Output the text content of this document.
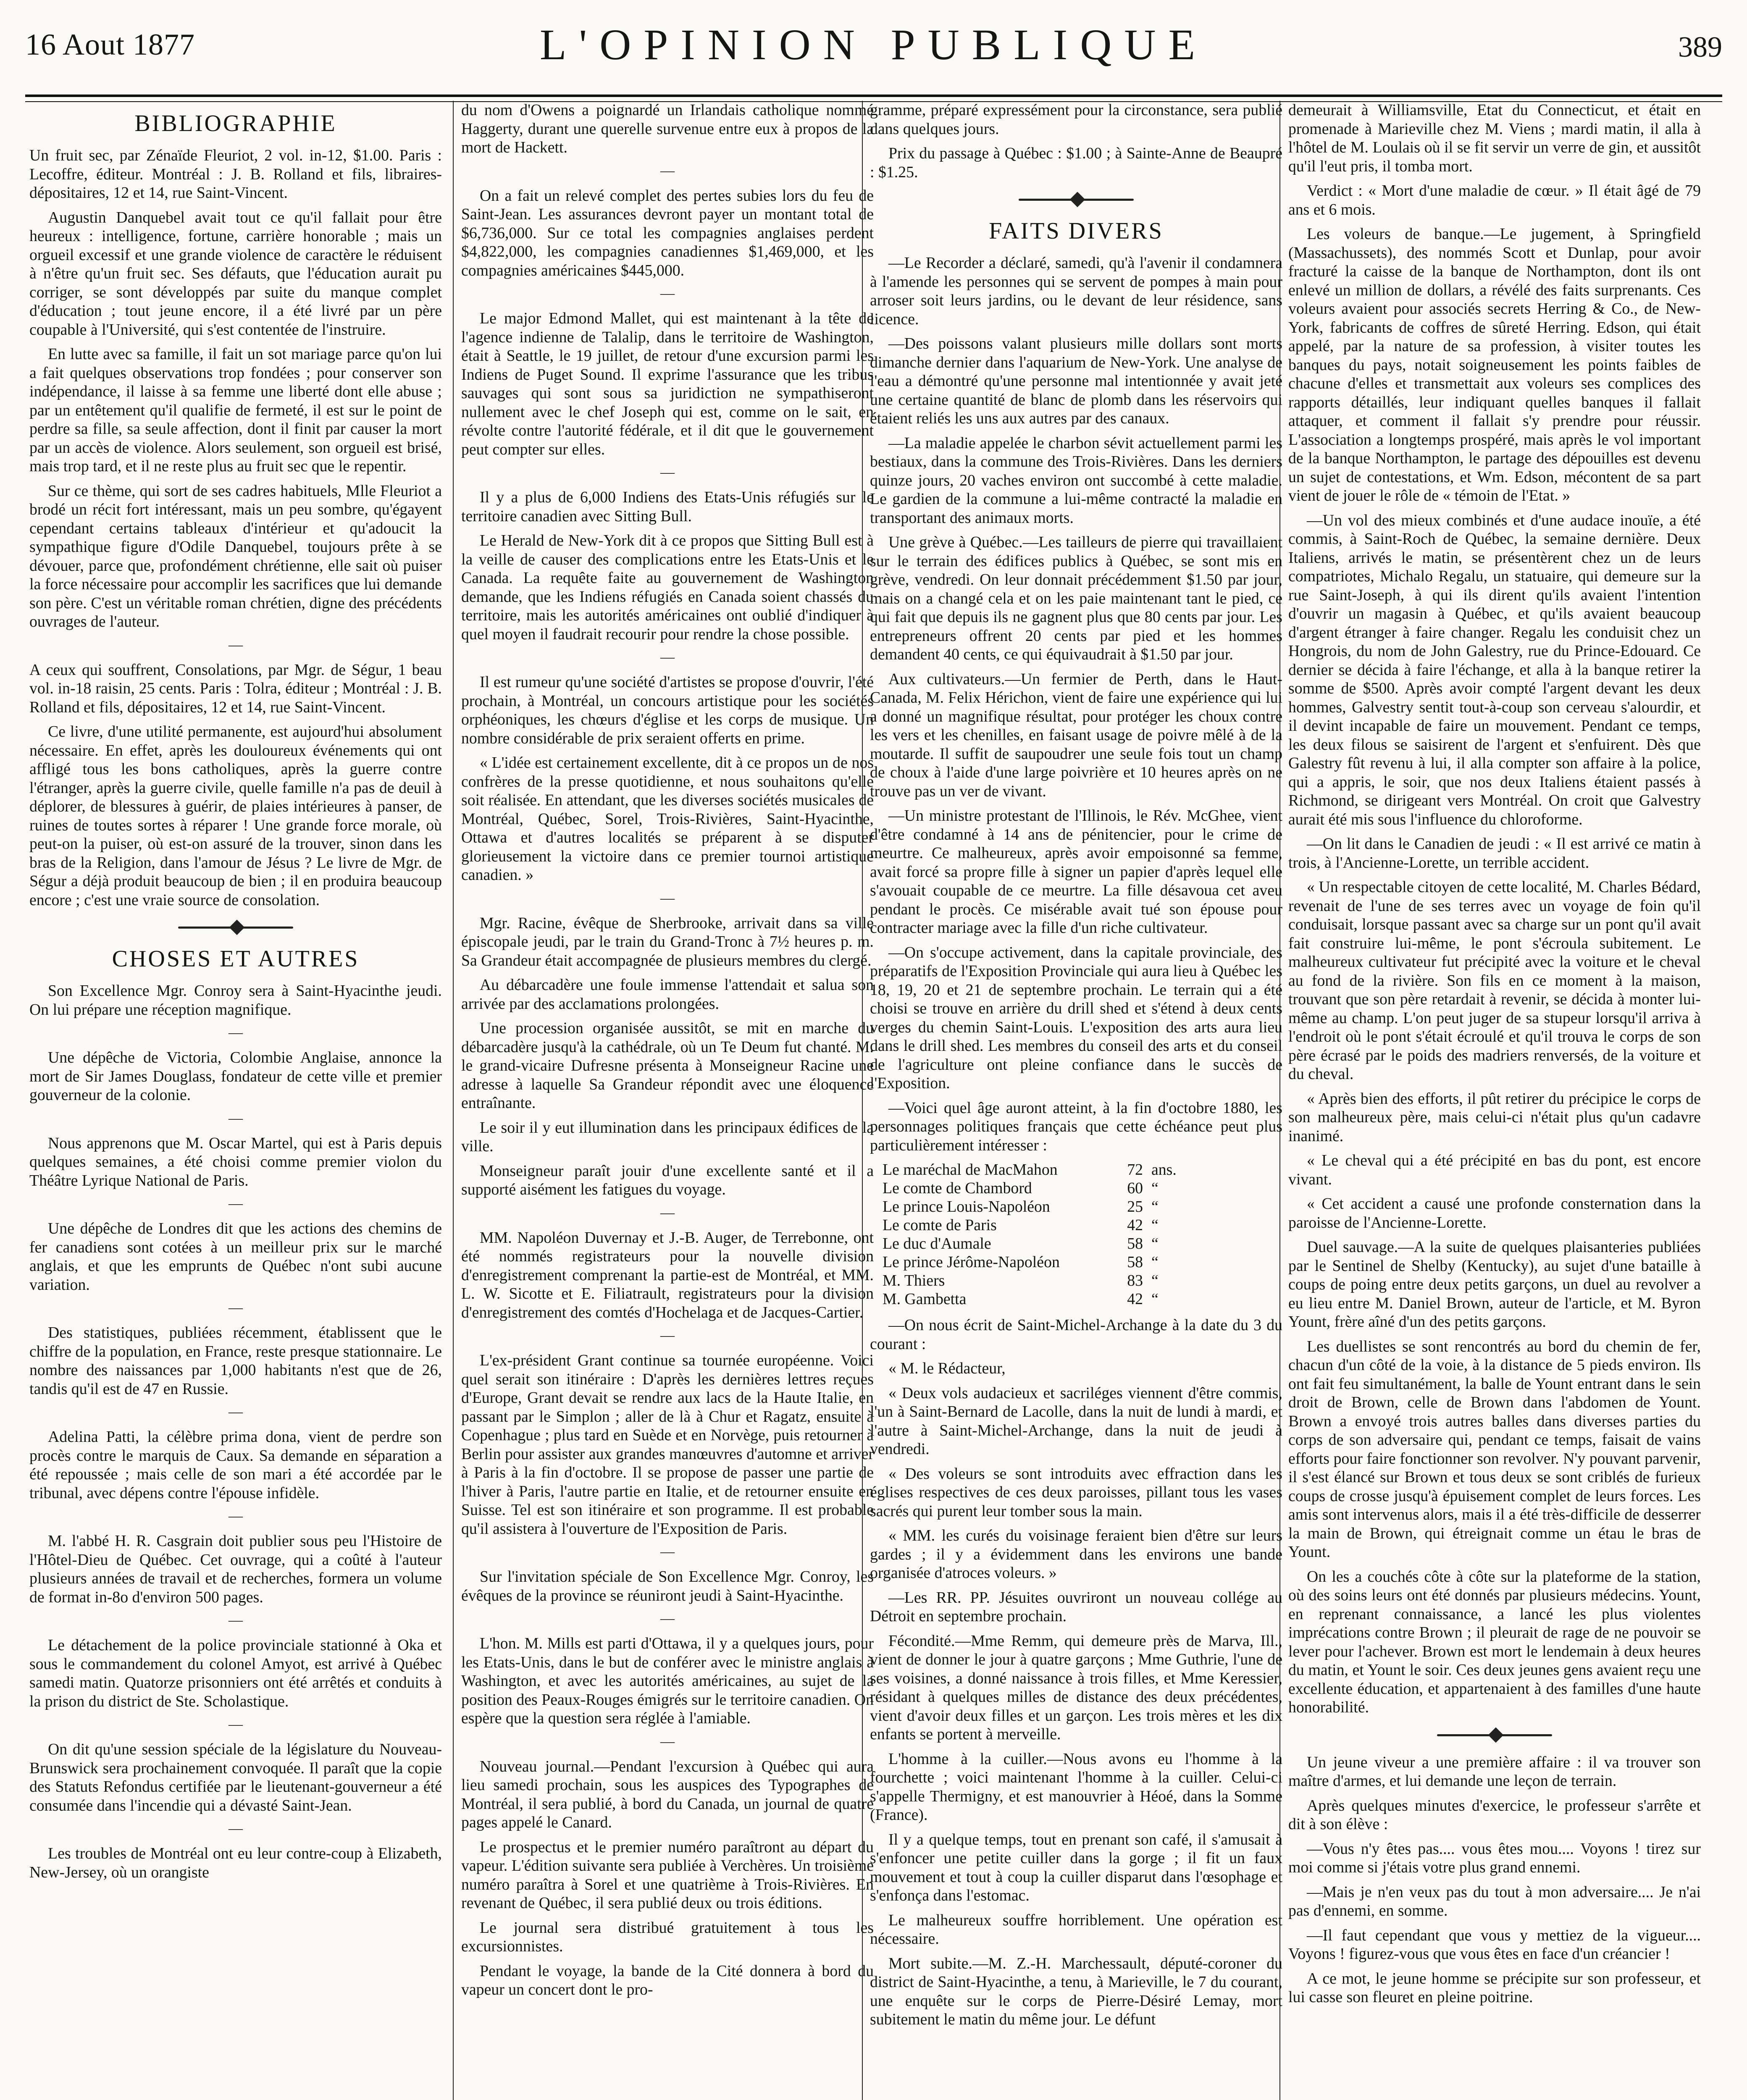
16 Aout 1877	L'OPINION PUBLIQUE	389
BIBLIOGRAPHIE

Un fruit sec, par Zénaïde Fleuriot, 2 vol. in-12, $1.00. Paris : Lecoffre, éditeur. Montréal : J. B. Rolland et fils, libraires-dépositaires, 12 et 14, rue Saint-Vincent.

Augustin Danquebel avait tout ce qu'il fallait pour être heureux : intelligence, fortune, carrière honorable ; mais un orgueil excessif et une grande violence de caractère le réduisent à n'être qu'un fruit sec. Ses défauts, que l'éducation aurait pu corriger, se sont développés par suite du manque complet d'éducation ; tout jeune encore, il a été livré par un père coupable à l'Université, qui s'est contentée de l'instruire.

En lutte avec sa famille, il fait un sot mariage parce qu'on lui a fait quelques observations trop fondées ; pour conserver son indépendance, il laisse à sa femme une liberté dont elle abuse ; par un entêtement qu'il qualifie de fermeté, il est sur le point de perdre sa fille, sa seule affection, dont il finit par causer la mort par un accès de violence. Alors seulement, son orgueil est brisé, mais trop tard, et il ne reste plus au fruit sec que le repentir.

Sur ce thème, qui sort de ses cadres habituels, Mlle Fleuriot a brodé un récit fort intéressant, mais un peu sombre, qu'égayent cependant certains tableaux d'intérieur et qu'adoucit la sympathique figure d'Odile Danquebel, toujours prête à se dévouer, parce que, profondément chrétienne, elle sait où puiser la force nécessaire pour accomplir les sacrifices que lui demande son père. C'est un véritable roman chrétien, digne des précédents ouvrages de l'auteur.

—

A ceux qui souffrent, Consolations, par Mgr. de Ségur, 1 beau vol. in-18 raisin, 25 cents. Paris : Tolra, éditeur ; Montréal : J. B. Rolland et fils, dépositaires, 12 et 14, rue Saint-Vincent.

Ce livre, d'une utilité permanente, est aujourd'hui absolument nécessaire. En effet, après les douloureux événements qui ont affligé tous les bons catholiques, après la guerre contre l'étranger, après la guerre civile, quelle famille n'a pas de deuil à déplorer, de blessures à guérir, de plaies intérieures à panser, de ruines de toutes sortes à réparer ! Une grande force morale, où peut-on la puiser, où est-on assuré de la trouver, sinon dans les bras de la Religion, dans l'amour de Jésus ? Le livre de Mgr. de Ségur a déjà produit beaucoup de bien ; il en produira beaucoup encore ; c'est une vraie source de consolation.

CHOSES ET AUTRES

Son Excellence Mgr. Conroy sera à Saint-Hyacinthe jeudi. On lui prépare une réception magnifique.

—

Une dépêche de Victoria, Colombie Anglaise, annonce la mort de Sir James Douglass, fondateur de cette ville et premier gouverneur de la colonie.

—

Nous apprenons que M. Oscar Martel, qui est à Paris depuis quelques semaines, a été choisi comme premier violon du Théâtre Lyrique National de Paris.

—

Une dépêche de Londres dit que les actions des chemins de fer canadiens sont cotées à un meilleur prix sur le marché anglais, et que les emprunts de Québec n'ont subi aucune variation.

—

Des statistiques, publiées récemment, établissent que le chiffre de la population, en France, reste presque stationnaire. Le nombre des naissances par 1,000 habitants n'est que de 26, tandis qu'il est de 47 en Russie.

—

Adelina Patti, la célèbre prima dona, vient de perdre son procès contre le marquis de Caux. Sa demande en séparation a été repoussée ; mais celle de son mari a été accordée par le tribunal, avec dépens contre l'épouse infidèle.

—

M. l'abbé H. R. Casgrain doit publier sous peu l'Histoire de l'Hôtel-Dieu de Québec. Cet ouvrage, qui a coûté à l'auteur plusieurs années de travail et de recherches, formera un volume de format in-8o d'environ 500 pages.

—

Le détachement de la police provinciale stationné à Oka et sous le commandement du colonel Amyot, est arrivé à Québec samedi matin. Quatorze prisonniers ont été arrêtés et conduits à la prison du district de Ste. Scholastique.

—

On dit qu'une session spéciale de la législature du Nouveau-Brunswick sera prochainement convoquée. Il paraît que la copie des Statuts Refondus certifiée par le lieutenant-gouverneur a été consumée dans l'incendie qui a dévasté Saint-Jean.

—

Les troubles de Montréal ont eu leur contre-coup à Elizabeth, New-Jersey, où un orangiste

du nom d'Owens a poignardé un Irlandais catholique nommé Haggerty, durant une querelle survenue entre eux à propos de la mort de Hackett.

—

On a fait un relevé complet des pertes subies lors du feu de Saint-Jean. Les assurances devront payer un montant total de $6,736,000. Sur ce total les compagnies anglaises perdent $4,822,000, les compagnies canadiennes $1,469,000, et les compagnies américaines $445,000.

—

Le major Edmond Mallet, qui est maintenant à la tête de l'agence indienne de Talalip, dans le territoire de Washington, était à Seattle, le 19 juillet, de retour d'une excursion parmi les Indiens de Puget Sound. Il exprime l'assurance que les tribus sauvages qui sont sous sa juridiction ne sympathiseront nullement avec le chef Joseph qui est, comme on le sait, en révolte contre l'autorité fédérale, et il dit que le gouvernement peut compter sur elles.

—

Il y a plus de 6,000 Indiens des Etats-Unis réfugiés sur le territoire canadien avec Sitting Bull.

Le Herald de New-York dit à ce propos que Sitting Bull est à la veille de causer des complications entre les Etats-Unis et le Canada. La requête faite au gouvernement de Washington demande, que les Indiens réfugiés en Canada soient chassés du territoire, mais les autorités américaines ont oublié d'indiquer à quel moyen il faudrait recourir pour rendre la chose possible.

—

Il est rumeur qu'une société d'artistes se propose d'ouvrir, l'été prochain, à Montréal, un concours artistique pour les sociétés orphéoniques, les chœurs d'église et les corps de musique. Un nombre considérable de prix seraient offerts en prime.

« L'idée est certainement excellente, dit à ce propos un de nos confrères de la presse quotidienne, et nous souhaitons qu'elle soit réalisée. En attendant, que les diverses sociétés musicales de Montréal, Québec, Sorel, Trois-Rivières, Saint-Hyacinthe, Ottawa et d'autres localités se préparent à se disputer glorieusement la victoire dans ce premier tournoi artistique canadien. »

—

Mgr. Racine, évêque de Sherbrooke, arrivait dans sa ville épiscopale jeudi, par le train du Grand-Tronc à 7½ heures p. m. Sa Grandeur était accompagnée de plusieurs membres du clergé.

Au débarcadère une foule immense l'attendait et salua son arrivée par des acclamations prolongées.

Une procession organisée aussitôt, se mit en marche du débarcadère jusqu'à la cathédrale, où un Te Deum fut chanté. M. le grand-vicaire Dufresne présenta à Monseigneur Racine une adresse à laquelle Sa Grandeur répondit avec une éloquence entraînante.

Le soir il y eut illumination dans les principaux édifices de la ville.

Monseigneur paraît jouir d'une excellente santé et il a supporté aisément les fatigues du voyage.

—

MM. Napoléon Duvernay et J.-B. Auger, de Terrebonne, ont été nommés registrateurs pour la nouvelle division d'enregistrement comprenant la partie-est de Montréal, et MM. L. W. Sicotte et E. Filiatrault, registrateurs pour la division d'enregistrement des comtés d'Hochelaga et de Jacques-Cartier.

—

L'ex-président Grant continue sa tournée européenne. Voici quel serait son itinéraire : D'après les dernières lettres reçues d'Europe, Grant devait se rendre aux lacs de la Haute Italie, en passant par le Simplon ; aller de là à Chur et Ragatz, ensuite à Copenhague ; plus tard en Suède et en Norvège, puis retourner à Berlin pour assister aux grandes manœuvres d'automne et arriver à Paris à la fin d'octobre. Il se propose de passer une partie de l'hiver à Paris, l'autre partie en Italie, et de retourner ensuite en Suisse. Tel est son itinéraire et son programme. Il est probable qu'il assistera à l'ouverture de l'Exposition de Paris.

—

Sur l'invitation spéciale de Son Excellence Mgr. Conroy, les évêques de la province se réuniront jeudi à Saint-Hyacinthe.

—

L'hon. M. Mills est parti d'Ottawa, il y a quelques jours, pour les Etats-Unis, dans le but de conférer avec le ministre anglais à Washington, et avec les autorités américaines, au sujet de la position des Peaux-Rouges émigrés sur le territoire canadien. On espère que la question sera réglée à l'amiable.

—

Nouveau journal.—Pendant l'excursion à Québec qui aura lieu samedi prochain, sous les auspices des Typographes de Montréal, il sera publié, à bord du Canada, un journal de quatre pages appelé le Canard.

Le prospectus et le premier numéro paraîtront au départ du vapeur. L'édition suivante sera publiée à Verchères. Un troisième numéro paraîtra à Sorel et une quatrième à Trois-Rivières. En revenant de Québec, il sera publié deux ou trois éditions.

Le journal sera distribué gratuitement à tous les excursionnistes.

Pendant le voyage, la bande de la Cité donnera à bord du vapeur un concert dont le pro-

gramme, préparé expressément pour la circonstance, sera publié dans quelques jours.

Prix du passage à Québec : $1.00 ; à Sainte-Anne de Beaupré : $1.25.

FAITS DIVERS

—Le Recorder a déclaré, samedi, qu'à l'avenir il condamnera à l'amende les personnes qui se servent de pompes à main pour arroser soit leurs jardins, ou le devant de leur résidence, sans licence.

—Des poissons valant plusieurs mille dollars sont morts dimanche dernier dans l'aquarium de New-York. Une analyse de l'eau a démontré qu'une personne mal intentionnée y avait jeté une certaine quantité de blanc de plomb dans les réservoirs qui étaient reliés les uns aux autres par des canaux.

—La maladie appelée le charbon sévit actuellement parmi les bestiaux, dans la commune des Trois-Rivières. Dans les derniers quinze jours, 20 vaches environ ont succombé à cette maladie. Le gardien de la commune a lui-même contracté la maladie en transportant des animaux morts.

Une grève à Québec.—Les tailleurs de pierre qui travaillaient sur le terrain des édifices publics à Québec, se sont mis en grève, vendredi. On leur donnait précédemment $1.50 par jour, mais on a changé cela et on les paie maintenant tant le pied, ce qui fait que depuis ils ne gagnent plus que 80 cents par jour. Les entrepreneurs offrent 20 cents par pied et les hommes demandent 40 cents, ce qui équivaudrait à $1.50 par jour.

Aux cultivateurs.—Un fermier de Perth, dans le Haut-Canada, M. Felix Hérichon, vient de faire une expérience qui lui a donné un magnifique résultat, pour protéger les choux contre les vers et les chenilles, en faisant usage de poivre mêlé à de la moutarde. Il suffit de saupoudrer une seule fois tout un champ de choux à l'aide d'une large poivrière et 10 heures après on ne trouve pas un ver de vivant.

—Un ministre protestant de l'Illinois, le Rév. McGhee, vient d'être condamné à 14 ans de pénitencier, pour le crime de meurtre. Ce malheureux, après avoir empoisonné sa femme, avait forcé sa propre fille à signer un papier d'après lequel elle s'avouait coupable de ce meurtre. La fille désavoua cet aveu pendant le procès. Ce misérable avait tué son épouse pour contracter mariage avec la fille d'un riche cultivateur.

—On s'occupe activement, dans la capitale provinciale, des préparatifs de l'Exposition Provinciale qui aura lieu à Québec les 18, 19, 20 et 21 de septembre prochain. Le terrain qui a été choisi se trouve en arrière du drill shed et s'étend à deux cents verges du chemin Saint-Louis. L'exposition des arts aura lieu dans le drill shed. Les membres du conseil des arts et du conseil de l'agriculture ont pleine confiance dans le succès de l'Exposition.

—Voici quel âge auront atteint, à la fin d'octobre 1880, les personnages politiques français que cette échéance peut plus particulièrement intéresser :

Le maréchal de MacMahon	72	ans.
Le comte de Chambord	60	“
Le prince Louis-Napoléon	25	“
Le comte de Paris	42	“
Le duc d'Aumale	58	“
Le prince Jérôme-Napoléon	58	“
M. Thiers	83	“
M. Gambetta	42	“

—On nous écrit de Saint-Michel-Archange à la date du 3 du courant :

« M. le Rédacteur,

« Deux vols audacieux et sacriléges viennent d'être commis, l'un à Saint-Bernard de Lacolle, dans la nuit de lundi à mardi, et l'autre à Saint-Michel-Archange, dans la nuit de jeudi à vendredi.

« Des voleurs se sont introduits avec effraction dans les églises respectives de ces deux paroisses, pillant tous les vases sacrés qui purent leur tomber sous la main.

« MM. les curés du voisinage feraient bien d'être sur leurs gardes ; il y a évidemment dans les environs une bande organisée d'atroces voleurs. »

—Les RR. PP. Jésuites ouvriront un nouveau collége au Détroit en septembre prochain.

Fécondité.—Mme Remm, qui demeure près de Marva, Ill., vient de donner le jour à quatre garçons ; Mme Guthrie, l'une de ses voisines, a donné naissance à trois filles, et Mme Keressier, résidant à quelques milles de distance des deux précédentes, vient d'avoir deux filles et un garçon. Les trois mères et les dix enfants se portent à merveille.

L'homme à la cuiller.—Nous avons eu l'homme à la fourchette ; voici maintenant l'homme à la cuiller. Celui-ci s'appelle Thermigny, et est manouvrier à Héoé, dans la Somme (France).

Il y a quelque temps, tout en prenant son café, il s'amusait à s'enfoncer une petite cuiller dans la gorge ; il fit un faux mouvement et tout à coup la cuiller disparut dans l'œsophage et s'enfonça dans l'estomac.

Le malheureux souffre horriblement. Une opération est nécessaire.

Mort subite.—M. Z.-H. Marchessault, député-coroner du district de Saint-Hyacinthe, a tenu, à Marieville, le 7 du courant, une enquête sur le corps de Pierre-Désiré Lemay, mort subitement le matin du même jour. Le défunt

demeurait à Williamsville, Etat du Connecticut, et était en promenade à Marieville chez M. Viens ; mardi matin, il alla à l'hôtel de M. Loulais où il se fit servir un verre de gin, et aussitôt qu'il l'eut pris, il tomba mort.

Verdict : « Mort d'une maladie de cœur. » Il était âgé de 79 ans et 6 mois.

Les voleurs de banque.—Le jugement, à Springfield (Massachussets), des nommés Scott et Dunlap, pour avoir fracturé la caisse de la banque de Northampton, dont ils ont enlevé un million de dollars, a révélé des faits surprenants. Ces voleurs avaient pour associés secrets Herring & Co., de New-York, fabricants de coffres de sûreté Herring. Edson, qui était appelé, par la nature de sa profession, à visiter toutes les banques du pays, notait soigneusement les points faibles de chacune d'elles et transmettait aux voleurs ses complices des rapports détaillés, leur indiquant quelles banques il fallait attaquer, et comment il fallait s'y prendre pour réussir. L'association a longtemps prospéré, mais après le vol important de la banque Northampton, le partage des dépouilles est devenu un sujet de contestations, et Wm. Edson, mécontent de sa part vient de jouer le rôle de « témoin de l'Etat. »

—Un vol des mieux combinés et d'une audace inouïe, a été commis, à Saint-Roch de Québec, la semaine dernière. Deux Italiens, arrivés le matin, se présentèrent chez un de leurs compatriotes, Michalo Regalu, un statuaire, qui demeure sur la rue Saint-Joseph, à qui ils dirent qu'ils avaient l'intention d'ouvrir un magasin à Québec, et qu'ils avaient beaucoup d'argent étranger à faire changer. Regalu les conduisit chez un Hongrois, du nom de John Galestry, rue du Prince-Edouard. Ce dernier se décida à faire l'échange, et alla à la banque retirer la somme de $500. Après avoir compté l'argent devant les deux hommes, Galvestry sentit tout-à-coup son cerveau s'alourdir, et il devint incapable de faire un mouvement. Pendant ce temps, les deux filous se saisirent de l'argent et s'enfuirent. Dès que Galestry fût revenu à lui, il alla compter son affaire à la police, qui a appris, le soir, que nos deux Italiens étaient passés à Richmond, se dirigeant vers Montréal. On croit que Galvestry aurait été mis sous l'influence du chloroforme.

—On lit dans le Canadien de jeudi : « Il est arrivé ce matin à trois, à l'Ancienne-Lorette, un terrible accident.

« Un respectable citoyen de cette localité, M. Charles Bédard, revenait de l'une de ses terres avec un voyage de foin qu'il conduisait, lorsque passant avec sa charge sur un pont qu'il avait fait construire lui-même, le pont s'écroula subitement. Le malheureux cultivateur fut précipité avec la voiture et le cheval au fond de la rivière. Son fils en ce moment à la maison, trouvant que son père retardait à revenir, se décida à monter lui-même au champ. L'on peut juger de sa stupeur lorsqu'il arriva à l'endroit où le pont s'était écroulé et qu'il trouva le corps de son père écrasé par le poids des madriers renversés, de la voiture et du cheval.

« Après bien des efforts, il pût retirer du précipice le corps de son malheureux père, mais celui-ci n'était plus qu'un cadavre inanimé.

« Le cheval qui a été précipité en bas du pont, est encore vivant.

« Cet accident a causé une profonde consternation dans la paroisse de l'Ancienne-Lorette.

Duel sauvage.—A la suite de quelques plaisanteries publiées par le Sentinel de Shelby (Kentucky), au sujet d'une bataille à coups de poing entre deux petits garçons, un duel au revolver a eu lieu entre M. Daniel Brown, auteur de l'article, et M. Byron Yount, frère aîné d'un des petits garçons.

Les duellistes se sont rencontrés au bord du chemin de fer, chacun d'un côté de la voie, à la distance de 5 pieds environ. Ils ont fait feu simultanément, la balle de Yount entrant dans le sein droit de Brown, celle de Brown dans l'abdomen de Yount. Brown a envoyé trois autres balles dans diverses parties du corps de son adversaire qui, pendant ce temps, faisait de vains efforts pour faire fonctionner son revolver. N'y pouvant parvenir, il s'est élancé sur Brown et tous deux se sont criblés de furieux coups de crosse jusqu'à épuisement complet de leurs forces. Les amis sont intervenus alors, mais il a été très-difficile de desserrer la main de Brown, qui étreignait comme un étau le bras de Yount.

On les a couchés côte à côte sur la plateforme de la station, où des soins leurs ont été donnés par plusieurs médecins. Yount, en reprenant connaissance, a lancé les plus violentes imprécations contre Brown ; il pleurait de rage de ne pouvoir se lever pour l'achever. Brown est mort le lendemain à deux heures du matin, et Yount le soir. Ces deux jeunes gens avaient reçu une excellente éducation, et appartenaient à des familles d'une haute honorabilité.

Un jeune viveur a une première affaire : il va trouver son maître d'armes, et lui demande une leçon de terrain.

Après quelques minutes d'exercice, le professeur s'arrête et dit à son élève :

—Vous n'y êtes pas.... vous êtes mou.... Voyons ! tirez sur moi comme si j'étais votre plus grand ennemi.

—Mais je n'en veux pas du tout à mon adversaire.... Je n'ai pas d'ennemi, en somme.

—Il faut cependant que vous y mettiez de la vigueur.... Voyons ! figurez-vous que vous êtes en face d'un créancier !

A ce mot, le jeune homme se précipite sur son professeur, et lui casse son fleuret en pleine poitrine.
